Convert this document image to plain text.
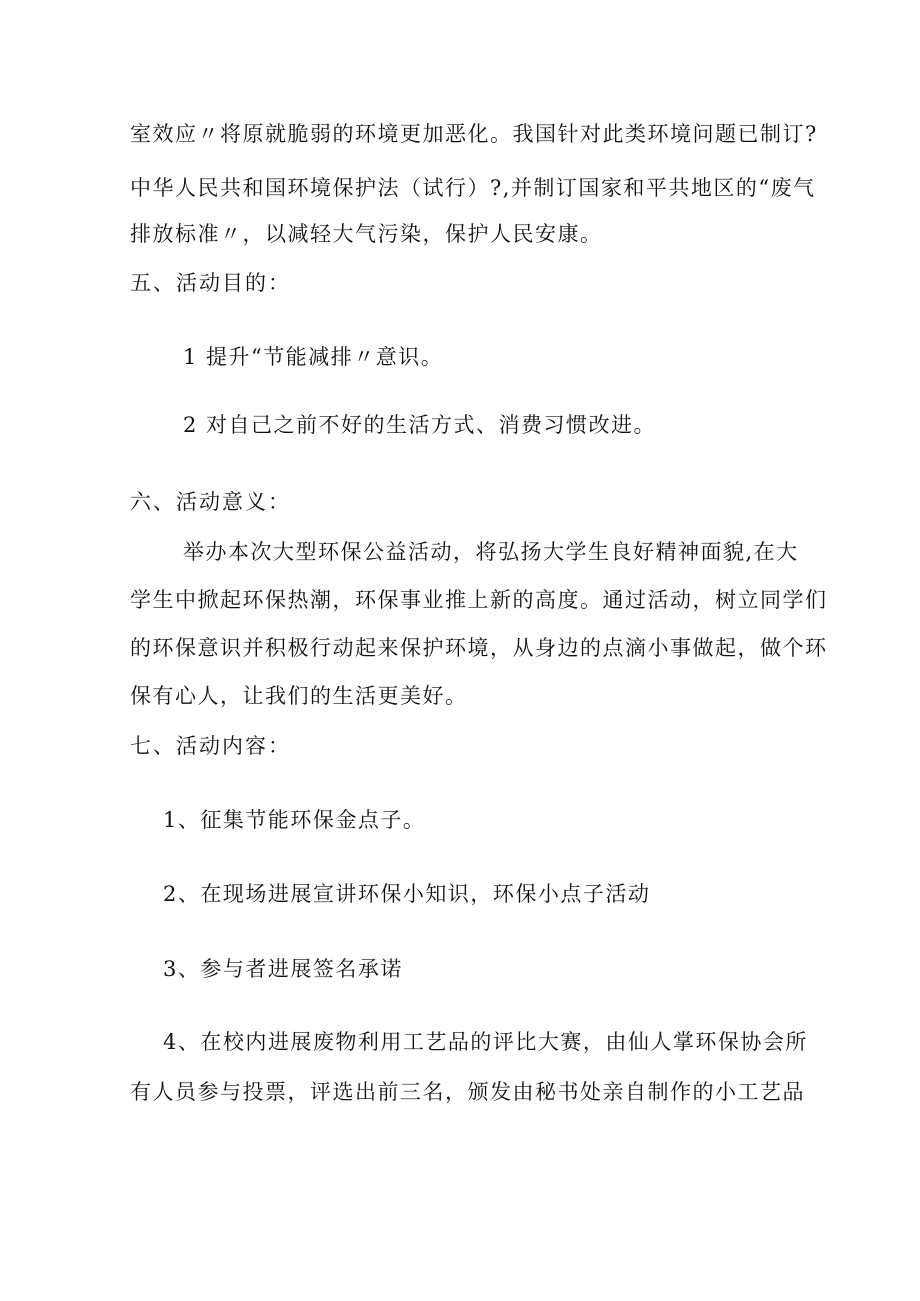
室效应〃将原就脆弱的环境更加恶化。我国针对此类环境问题已制订?
中华人民共和国环境保护法（试行）?,并制订国家和平共地区的“废气
排放标准〃，以减轻大气污染，保护人民安康。
五、活动目的：
1 提升“节能减排〃意识。
2 对自己之前不好的生活方式、消费习惯改进。
六、活动意义：
举办本次大型环保公益活动，将弘扬大学生良好精神面貌,在大
学生中掀起环保热潮，环保事业推上新的高度。通过活动，树立同学们
的环保意识并积极行动起来保护环境，从身边的点滴小事做起，做个环
保有心人，让我们的生活更美好。
七、活动内容：
1、征集节能环保金点子。
2、在现场进展宣讲环保小知识，环保小点子活动
3、参与者进展签名承诺
4、在校内进展废物利用工艺品的评比大赛，由仙人掌环保协会所
有人员参与投票，评选出前三名，颁发由秘书处亲自制作的小工艺品
